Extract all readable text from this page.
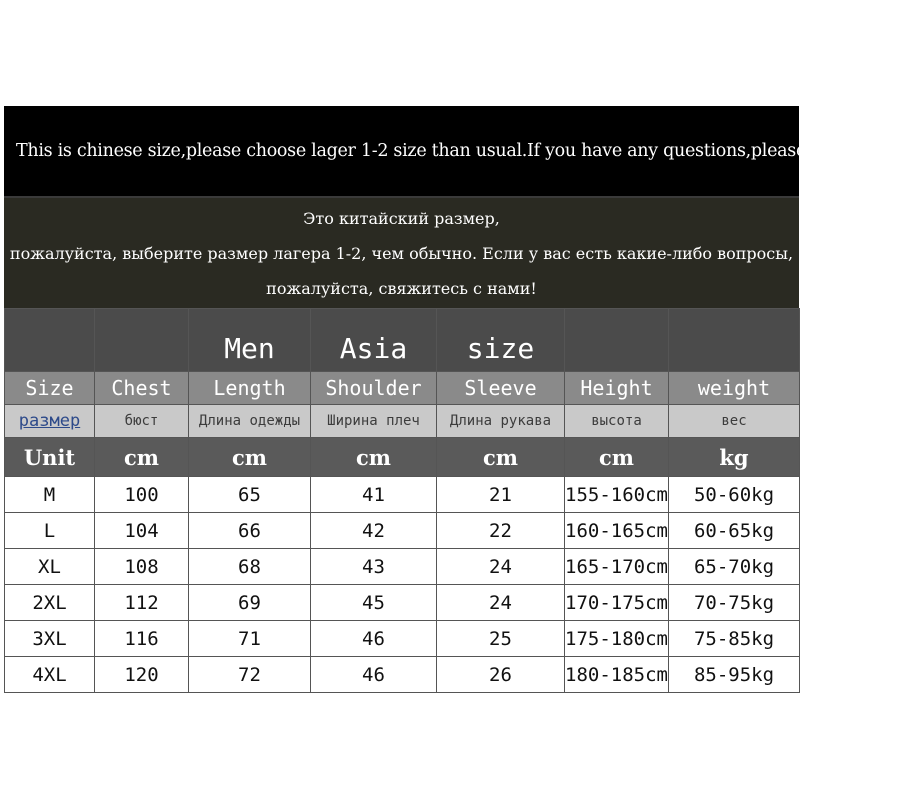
This is chinese size,please choose lager 1-2 size than usual.If you have any questions,please contact us!
Это китайский размер,
пожалуйста, выберите размер лагера 1-2, чем обычно. Если у вас есть какие-либо вопросы,
пожалуйста, свяжитесь с нами!
		Men	Asia	size		
Size	Chest	Length	Shoulder	Sleeve	Height	weight
размер	бюст	Длина одежды	Ширина плеч	Длина рукава	высота	вес
Unit	cm	cm	cm	cm	cm	kg
M	100	65	41	21	155-160cm	50-60kg
L	104	66	42	22	160-165cm	60-65kg
XL	108	68	43	24	165-170cm	65-70kg
2XL	112	69	45	24	170-175cm	70-75kg
3XL	116	71	46	25	175-180cm	75-85kg
4XL	120	72	46	26	180-185cm	85-95kg
